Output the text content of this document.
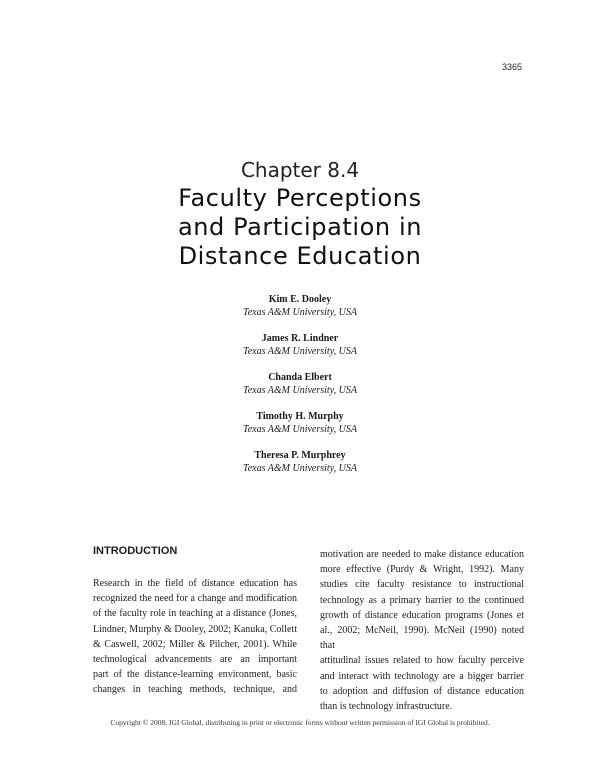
3365
Chapter 8.4
Faculty Perceptions
and Participation in
Distance Education
Kim E. Dooley
Texas A&M University, USA
James R. Lindner
Texas A&M University, USA
Chanda Elbert
Texas A&M University, USA
Timothy H. Murphy
Texas A&M University, USA
Theresa P. Murphrey
Texas A&M University, USA
INTRODUCTION
Research in the field of distance education has
recognized the need for a change and modification
of the faculty role in teaching at a distance (Jones,
Lindner, Murphy & Dooley, 2002; Kanuka, Collett
& Caswell, 2002; Miller & Pilcher, 2001). While
technological advancements are an important
part of the distance-learning environment, basic
changes in teaching methods, technique, and
motivation are needed to make distance education
more effective (Purdy & Wright, 1992). Many
studies cite faculty resistance to instructional
technology as a primary barrier to the continued
growth of distance education programs (Jones et
al., 2002; McNeil, 1990). McNeil (1990) noted that
attitudinal issues related to how faculty perceive
and interact with technology are a bigger barrier
to adoption and diffusion of distance education
than is technology infrastructure.
Copyright © 2008, IGI Global, distributing in print or electronic forms without written permission of IGI Global is prohibited.
